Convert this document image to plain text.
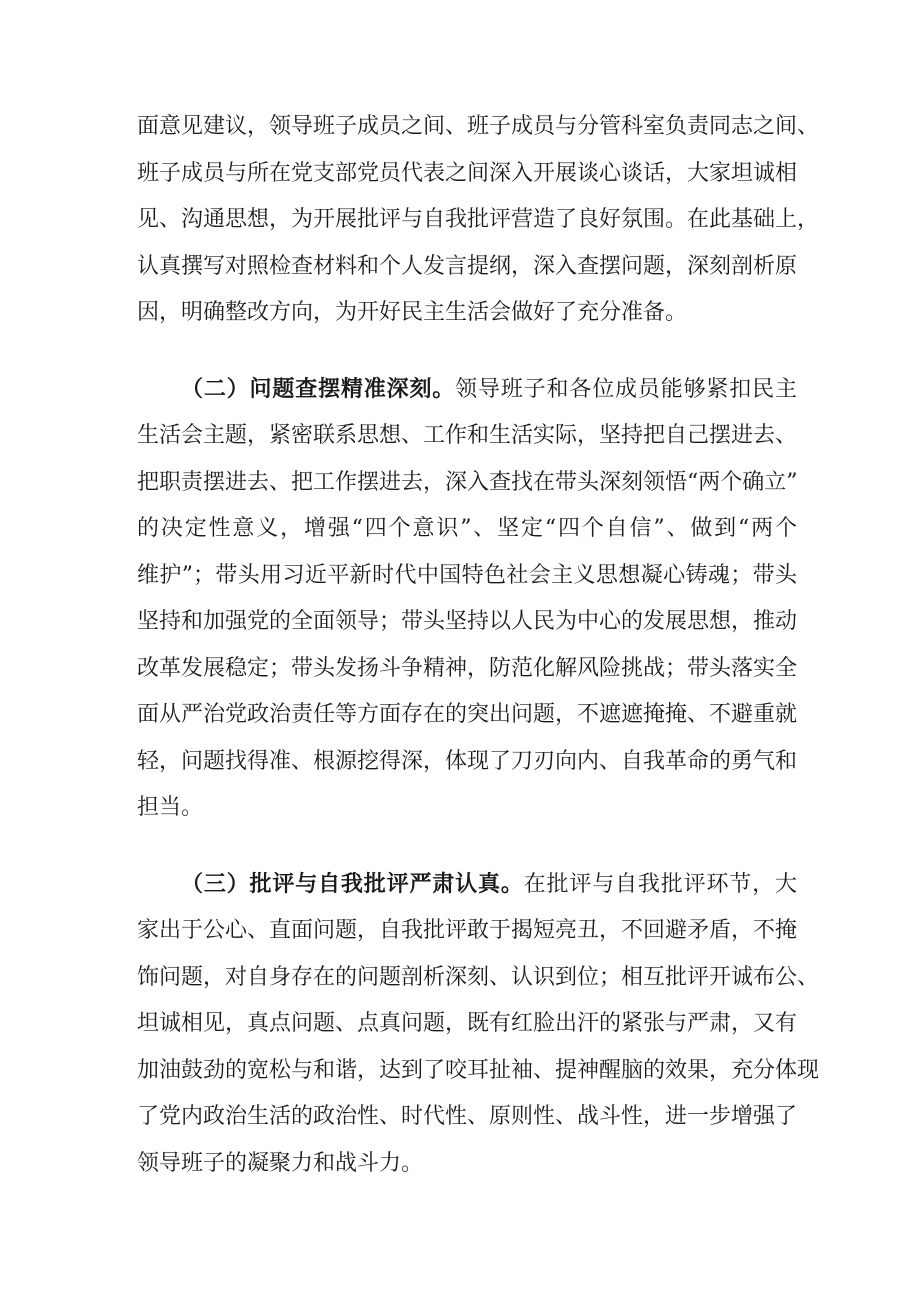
面意见建议，领导班子成员之间、班子成员与分管科室负责同志之间、
班子成员与所在党支部党员代表之间深入开展谈心谈话，大家坦诚相
见、沟通思想，为开展批评与自我批评营造了良好氛围。在此基础上，
认真撰写对照检查材料和个人发言提纲，深入查摆问题，深刻剖析原
因，明确整改方向，为开好民主生活会做好了充分准备。
（二）问题查摆精准深刻。领导班子和各位成员能够紧扣民主
生活会主题，紧密联系思想、工作和生活实际，坚持把自己摆进去、
把职责摆进去、把工作摆进去，深入查找在带头深刻领悟“两个确立”
的决定性意义，增强“四个意识”、坚定“四个自信”、做到“两个
维护”；带头用习近平新时代中国特色社会主义思想凝心铸魂；带头
坚持和加强党的全面领导；带头坚持以人民为中心的发展思想，推动
改革发展稳定；带头发扬斗争精神，防范化解风险挑战；带头落实全
面从严治党政治责任等方面存在的突出问题，不遮遮掩掩、不避重就
轻，问题找得准、根源挖得深，体现了刀刃向内、自我革命的勇气和
担当。
（三）批评与自我批评严肃认真。在批评与自我批评环节，大
家出于公心、直面问题，自我批评敢于揭短亮丑，不回避矛盾，不掩
饰问题，对自身存在的问题剖析深刻、认识到位；相互批评开诚布公、
坦诚相见，真点问题、点真问题，既有红脸出汗的紧张与严肃，又有
加油鼓劲的宽松与和谐，达到了咬耳扯袖、提神醒脑的效果，充分体现
了党内政治生活的政治性、时代性、原则性、战斗性，进一步增强了
领导班子的凝聚力和战斗力。
